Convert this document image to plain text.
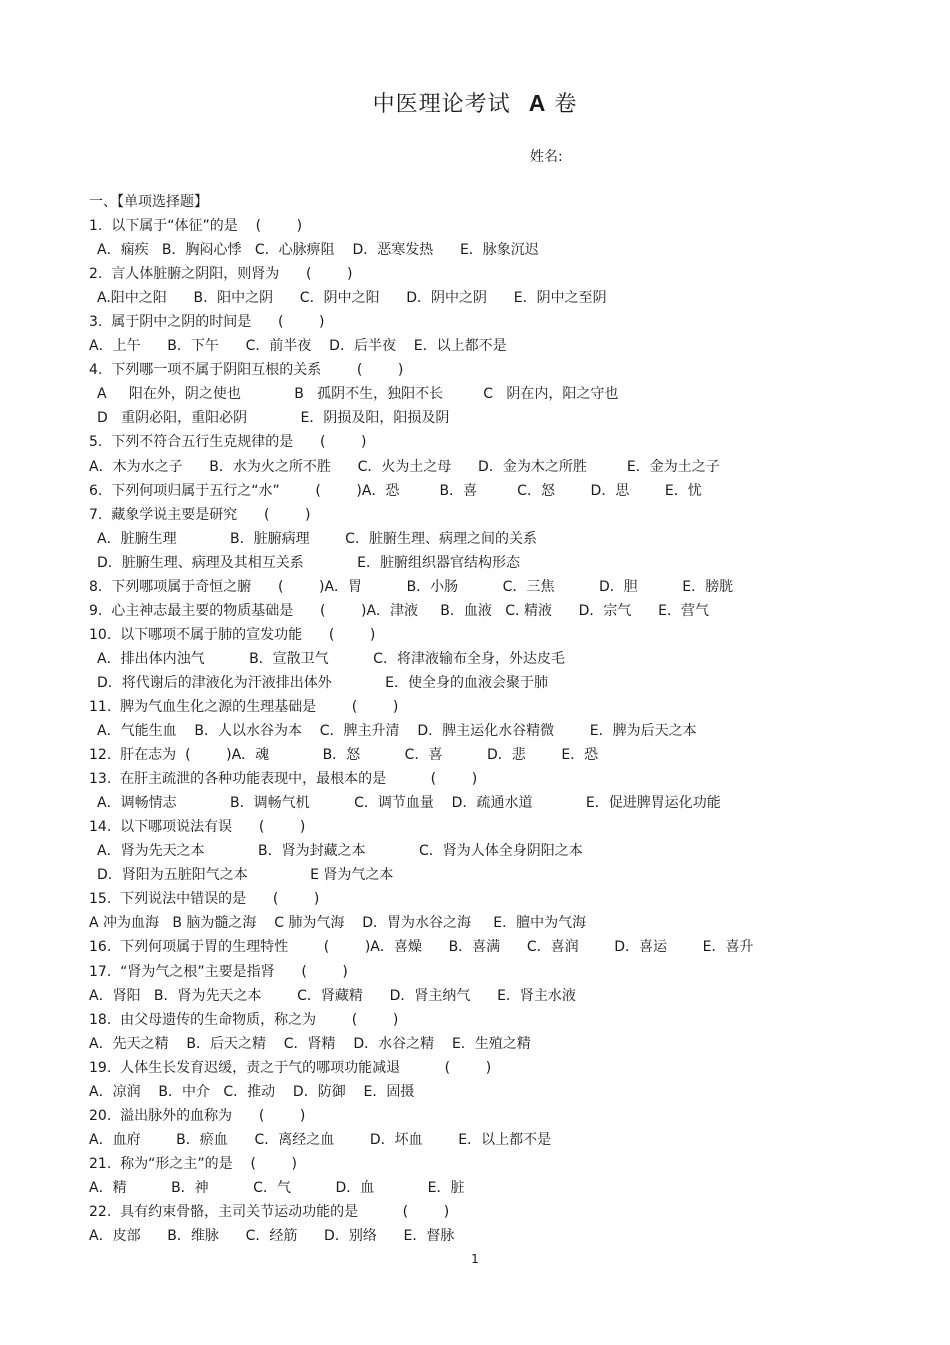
中医理论考试 A 卷
姓名:
一、【单项选择题】
1.  以下属于“体征”的是    (        )
A．痫疾   B．胸闷心悸   C．心脉痹阻    D．恶寒发热      E．脉象沉迟
2.  言人体脏腑之阴阳，则肾为      (        )
A.阳中之阳      B．阳中之阴      C．阴中之阳      D．阴中之阴      E．阴中之至阴
3.  属于阴中之阴的时间是      (        )
A．上午      B．下午      C．前半夜    D．后半夜    E．以上都不是
4.  下列哪一项不属于阴阳互根的关系        (        )
A     阳在外，阴之使也            B   孤阴不生，独阳不长         C   阴在内，阳之守也
D   重阴必阳，重阳必阴            E．阴损及阳，阳损及阴
5.  下列不符合五行生克规律的是      (        )
A．木为水之子      B．水为火之所不胜      C．火为土之母      D．金为木之所胜         E．金为土之子
6.  下列何项归属于五行之“水”        (        )A．恐         B．喜         C．怒        D．思        E．忧
7.  藏象学说主要是研究      (        )
A．脏腑生理            B．脏腑病理        C．脏腑生理、病理之间的关系
D．脏腑生理、病理及其相互关系            E．脏腑组织器官结构形态
8.  下列哪项属于奇恒之腑      (        )A．胃          B．小肠          C．三焦          D．胆          E．膀胱
9.  心主神志最主要的物质基础是      (        )A．津液     B．血液   C. 精液      D．宗气      E．营气
10.  以下哪项不属于肺的宣发功能      (        )
A．排出体内浊气          B．宣散卫气          C．将津液输布全身，外达皮毛
D．将代谢后的津液化为汗液排出体外            E．使全身的血液会聚于肺
11.  脾为气血生化之源的生理基础是        (        )
A．气能生血    B．人以水谷为本    C．脾主升清    D．脾主运化水谷精微        E．脾为后天之本
12.  肝在志为  (        )A．魂            B．怒          C．喜          D．悲        E．恐
13.  在肝主疏泄的各种功能表现中，最根本的是          (        )
A．调畅情志            B．调畅气机          C．调节血量    D．疏通水道            E．促进脾胃运化功能
14.  以下哪项说法有误      (        )
A．肾为先天之本            B．肾为封藏之本            C．肾为人体全身阴阳之本
D．肾阳为五脏阳气之本              E 肾为气之本
15.  下列说法中错误的是      (        )
A 冲为血海   B 脑为髓之海    C 肺为气海    D．胃为水谷之海     E．膻中为气海
16.  下列何项属于胃的生理特性        (        )A．喜燥      B．喜满      C．喜润        D．喜运        E．喜升
17.  “肾为气之根”主要是指肾      (        )
A．肾阳   B．肾为先天之本        C．肾藏精      D．肾主纳气      E．肾主水液
18.  由父母遗传的生命物质，称之为        (        )
A．先天之精    B．后天之精    C．肾精    D．水谷之精    E．生殖之精
19.  人体生长发育迟缓，责之于气的哪项功能减退          (        )
A．凉润    B．中介   C．推动    D．防御    E．固摄
20.  溢出脉外的血称为      (        )
A．血府        B．瘀血      C．离经之血        D．坏血        E．以上都不是
21.  称为“形之主”的是    (        )
A．精          B．神          C．气          D．血            E．脏
22.  具有约束骨骼，主司关节运动功能的是          (        )
A．皮部      B．维脉      C．经筋      D．别络      E．督脉
1
